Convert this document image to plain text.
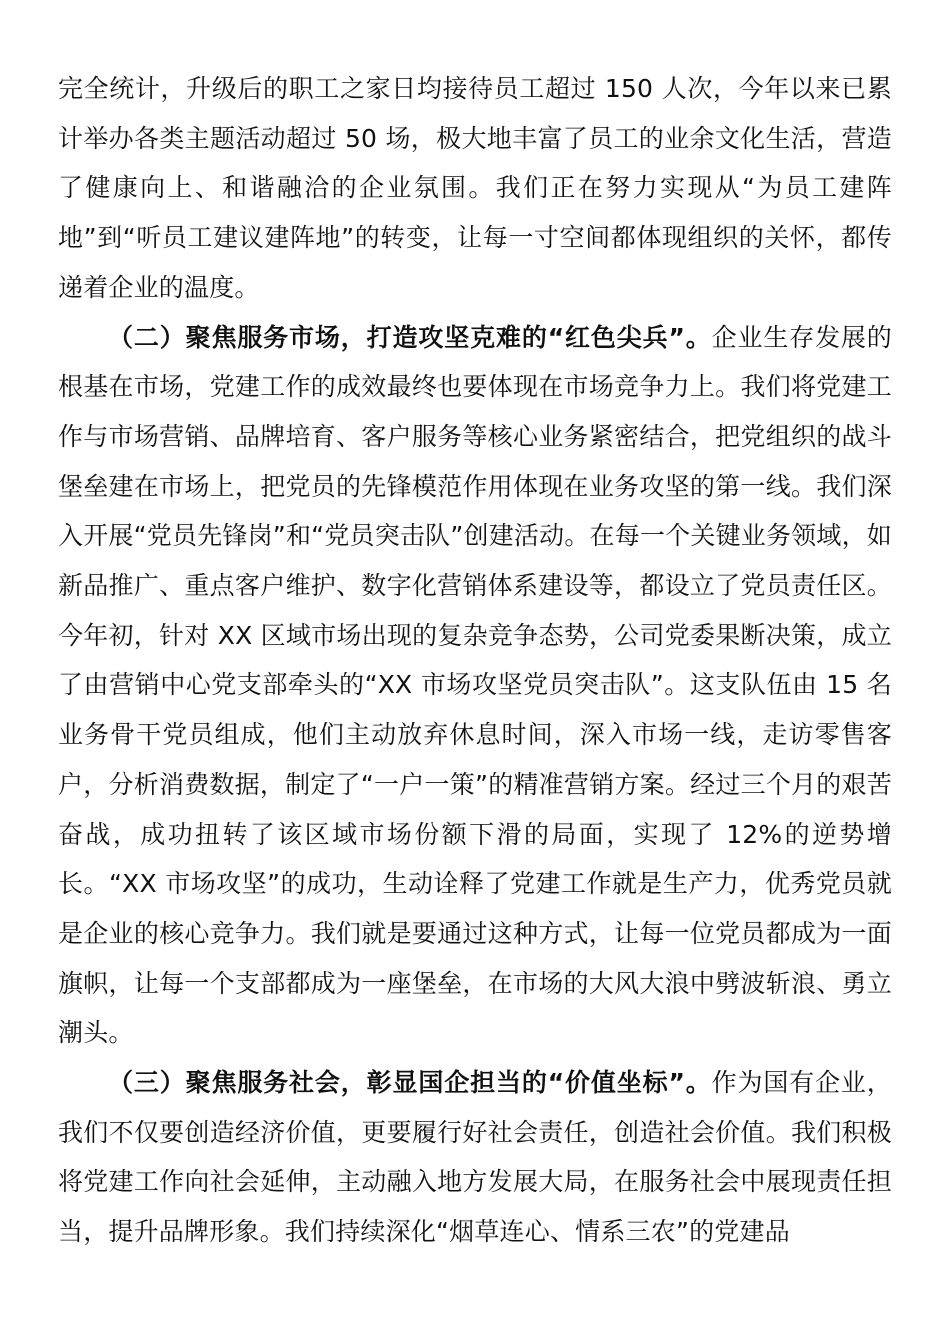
完全统计，升级后的职工之家日均接待员工超过 150 人次，今年以来已累计举办各类主题活动超过 50 场，极大地丰富了员工的业余文化生活，营造了健康向上、和谐融洽的企业氛围。我们正在努力实现从“为员工建阵地”到“听员工建议建阵地”的转变，让每一寸空间都体现组织的关怀，都传递着企业的温度。

（二）聚焦服务市场，打造攻坚克难的“红色尖兵”。企业生存发展的根基在市场，党建工作的成效最终也要体现在市场竞争力上。我们将党建工作与市场营销、品牌培育、客户服务等核心业务紧密结合，把党组织的战斗堡垒建在市场上，把党员的先锋模范作用体现在业务攻坚的第一线。我们深入开展“党员先锋岗”和“党员突击队”创建活动。在每一个关键业务领域，如新品推广、重点客户维护、数字化营销体系建设等，都设立了党员责任区。今年初，针对 XX 区域市场出现的复杂竞争态势，公司党委果断决策，成立了由营销中心党支部牵头的“XX 市场攻坚党员突击队”。这支队伍由 15 名业务骨干党员组成，他们主动放弃休息时间，深入市场一线，走访零售客户，分析消费数据，制定了“一户一策”的精准营销方案。经过三个月的艰苦奋战，成功扭转了该区域市场份额下滑的局面，实现了 12%的逆势增长。“XX 市场攻坚”的成功，生动诠释了党建工作就是生产力，优秀党员就是企业的核心竞争力。我们就是要通过这种方式，让每一位党员都成为一面旗帜，让每一个支部都成为一座堡垒，在市场的大风大浪中劈波斩浪、勇立潮头。

（三）聚焦服务社会，彰显国企担当的“价值坐标”。作为国有企业，我们不仅要创造经济价值，更要履行好社会责任，创造社会价值。我们积极将党建工作向社会延伸，主动融入地方发展大局，在服务社会中展现责任担当，提升品牌形象。我们持续深化“烟草连心、情系三农”的党建品
